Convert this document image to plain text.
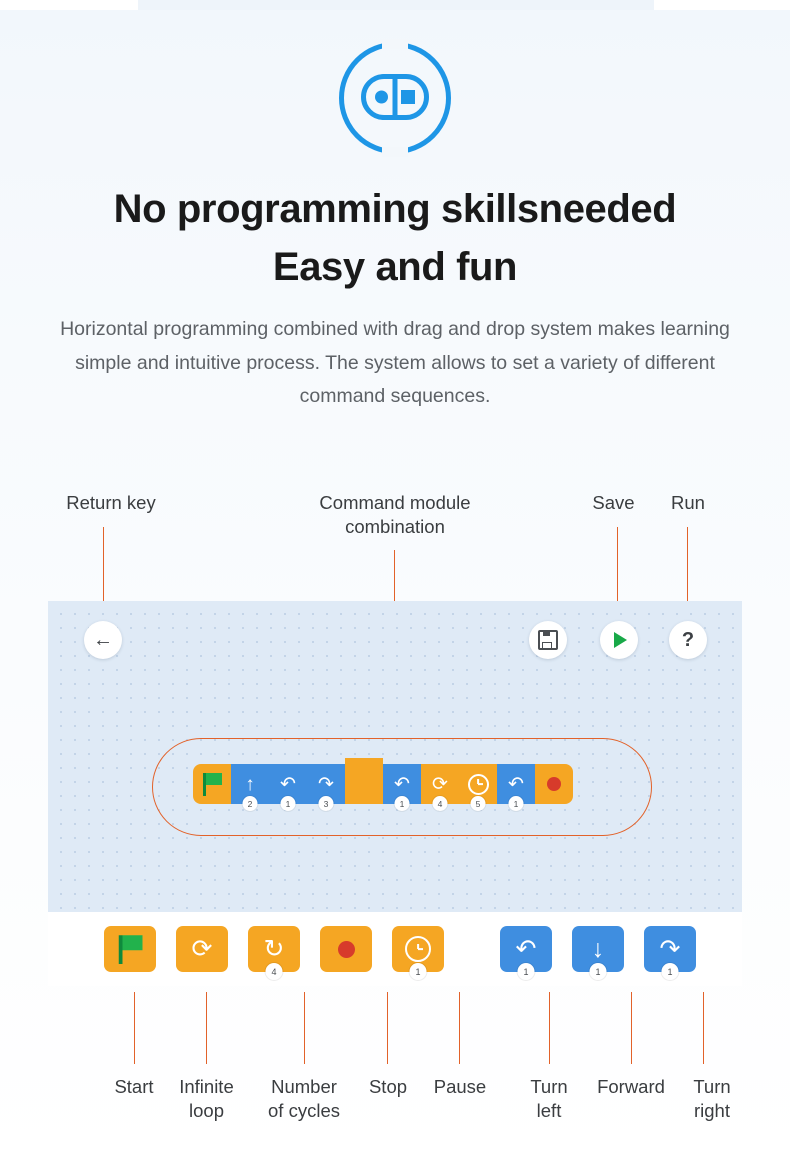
No programming skillsneeded
Easy and fun

Horizontal programming combined with drag and drop system makes learning simple and intuitive process. The system allows to set a variety of different command sequences.

Return key	Command module
combination
Save	Run
←	?
↑
2
↶
1
↷
3
↶
1
⟳
4	5
↶
1
⟳ ↻
4	1
↶
1
↓
1
↷
1
Start	Infinite
loop
Number
of cycles
Stop	Pause	Turn
left
Forward	Turn
right
